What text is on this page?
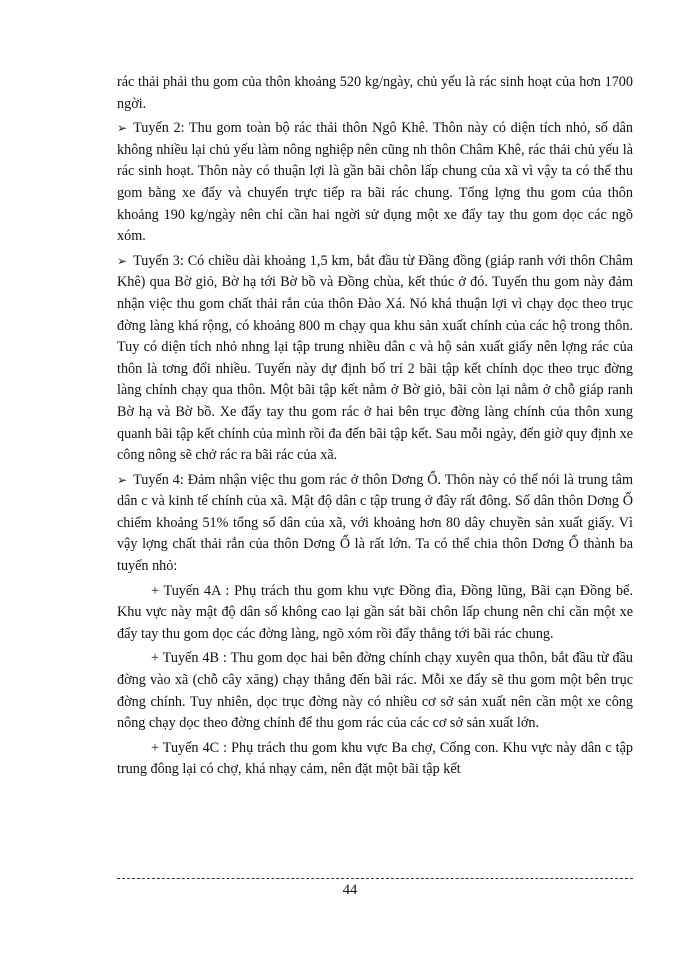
rác thải phải thu gom của thôn khoảng 520 kg/ngày, chủ yếu là rác sinh hoạt của hơn 1700 ngời.

➢ Tuyến 2: Thu gom toàn bộ rác thải thôn Ngô Khê. Thôn này có diện tích nhỏ, số dân không nhiều lại chủ yếu làm nông nghiệp nên cũng nh thôn Châm Khê, rác thải chủ yếu là rác sinh hoạt. Thôn này có thuận lợi là gần bãi chôn lấp chung của xã vì vậy ta có thể thu gom bằng xe đẩy và chuyển trực tiếp ra bãi rác chung. Tổng lợng thu gom của thôn khoảng 190 kg/ngày nên chỉ cần hai ngời sử dụng một xe đẩy tay thu gom dọc các ngõ xóm.

➢ Tuyến 3: Có chiều dài khoảng 1,5 km, bắt đầu từ Đầng đồng (giáp ranh với thôn Châm Khê) qua Bờ giỏ, Bờ hạ tới Bờ bồ và Đồng chùa, kết thúc ở đó. Tuyến thu gom này đảm nhận việc thu gom chất thải rắn của thôn Đào Xá. Nó khá thuận lợi vì chạy dọc theo trục đờng làng khá rộng, có khoảng 800 m chạy qua khu sản xuất chính của các hộ trong thôn. Tuy có diện tích nhỏ nhng lại tập trung nhiều dân c và hộ sản xuất giấy nên lợng rác của thôn là tơng đối nhiều. Tuyến này dự định bố trí 2 bãi tập kết chính dọc theo trục đờng làng chính chạy qua thôn. Một bãi tập kết nằm ở Bờ giỏ, bãi còn lại nằm ở chỗ giáp ranh Bờ hạ và Bờ bồ. Xe đẩy tay thu gom rác ở hai bên trục đờng làng chính của thôn xung quanh bãi tập kết chính của mình rồi đa đến bãi tập kết. Sau mỗi ngày, đến giờ quy định xe công nông sẽ chở rác ra bãi rác của xã.

➢ Tuyến 4: Đảm nhận việc thu gom rác ở thôn Dơng Ổ. Thôn này có thể nói là trung tâm dân c và kinh tế chính của xã. Mật độ dân c tập trung ở đây rất đông. Số dân thôn Dơng Ổ chiếm khoảng 51% tổng số dân của xã, với khoảng hơn 80 dây chuyền sản xuất giấy. Vì vậy lợng chất thải rắn của thôn Dơng Ổ là rất lớn. Ta có thể chia thôn Dơng Ổ thành ba tuyến nhỏ:

+ Tuyến 4A : Phụ trách thu gom khu vực Đồng đìa, Đồng lũng, Bãi cạn Đồng bể. Khu vực này mật độ dân số không cao lại gần sát bãi chôn lấp chung nên chỉ cần một xe đẩy tay thu gom dọc các đờng làng, ngõ xóm rồi đẩy thẳng tới bãi rác chung.

+ Tuyến 4B : Thu gom dọc hai bên đờng chính chạy xuyên qua thôn, bắt đầu từ đầu đờng vào xã (chỗ cây xăng) chạy thẳng đến bãi rác. Mỗi xe đẩy sẽ thu gom một bên trục đờng chính. Tuy nhiên, dọc trục đờng này có nhiều cơ sở sản xuất nên cần một xe công nông chạy dọc theo đờng chính để thu gom rác của các cơ sở sản xuất lớn.

+ Tuyến 4C : Phụ trách thu gom khu vực Ba chợ, Cống con. Khu vực này dân c tập trung đông lại có chợ, khá nhạy cảm, nên đặt một bãi tập kết

44
